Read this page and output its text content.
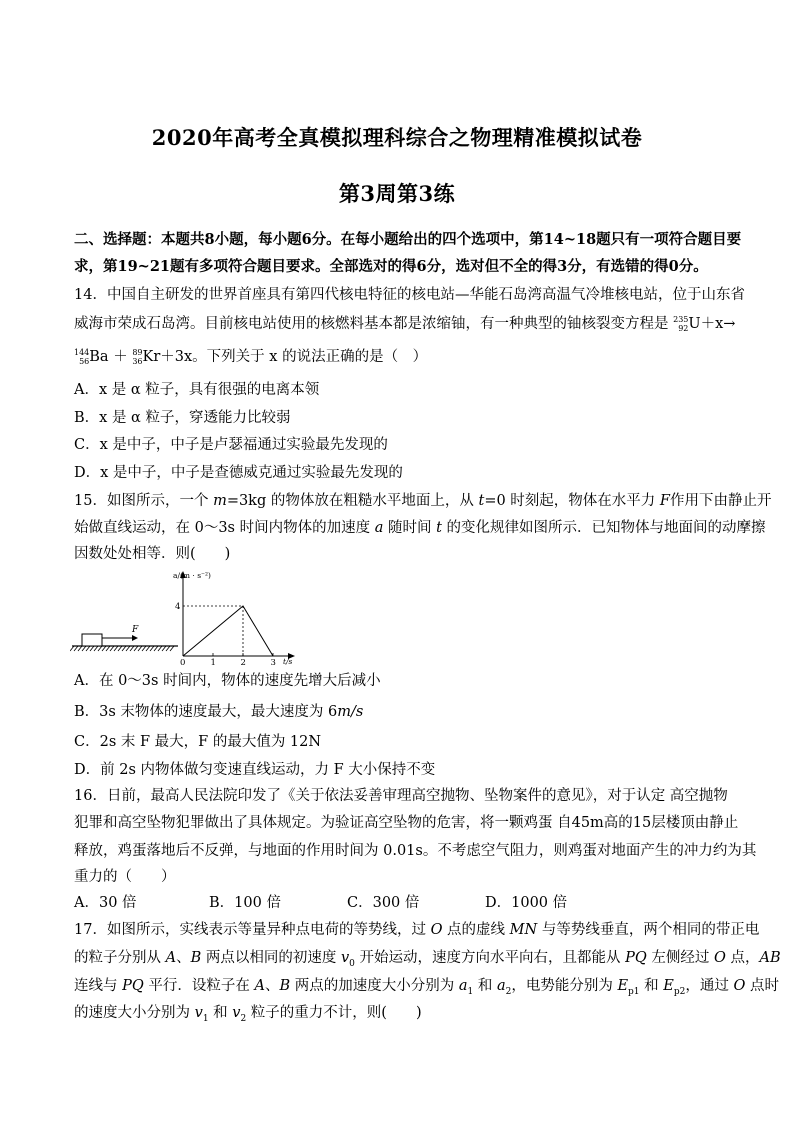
2020年高考全真模拟理科综合之物理精准模拟试卷
第3周第3练
二、选择题：本题共8小题，每小题6分。在每小题给出的四个选项中，第14~18题只有一项符合题目要
求，第19~21题有多项符合题目要求。全部选对的得6分，选对但不全的得3分，有选错的得0分。
14．中国自主研发的世界首座具有第四代核电特征的核电站—华能石岛湾高温气冷堆核电站，位于山东省
威海市荣成石岛湾。目前核电站使用的核燃料基本都是浓缩铀，有一种典型的铀核裂变方程是 235
92 U＋x→
144
56 Ba ＋ 89
36 Kr＋3x。下列关于 x 的说法正确的是（　）
A．x 是 α 粒子，具有很强的电离本领
B．x 是 α 粒子，穿透能力比较弱
C．x 是中子，中子是卢瑟福通过实验最先发现的
D．x 是中子，中子是查德威克通过实验最先发现的
15．如图所示，一个 m=3kg 的物体放在粗糙水平地面上，从 t=0 时刻起，物体在水平力 F作用下由静止开
始做直线运动，在 0～3s 时间内物体的加速度 a 随时间 t 的变化规律如图所示．已知物体与地面间的动摩擦
因数处处相等．则(　　)
F
a/(m · s⁻²)
t/s
0	1	2	3
4
A．在 0～3s 时间内，物体的速度先增大后减小
B．3s 末物体的速度最大，最大速度为 6m/s
C．2s 末 F 最大，F 的最大值为 12N
D．前 2s 内物体做匀变速直线运动，力 F 大小保持不变
16．日前，最高人民法院印发了《关于依法妥善审理高空抛物、坠物案件的意见》，对于认定 高空抛物
犯罪和高空坠物犯罪做出了具体规定。为验证高空坠物的危害，将一颗鸡蛋 自45m高的15层楼顶由静止
释放，鸡蛋落地后不反弹，与地面的作用时间为 0.01s。不考虑空气阻力，则鸡蛋对地面产生的冲力约为其
重力的（　　）
A．30 倍	B．100 倍	C．300 倍	D．1000 倍
17．如图所示，实线表示等量异种点电荷的等势线，过 O 点的虚线 MN 与等势线垂直，两个相同的带正电
的粒子分别从 A、B 两点以相同的初速度 $v_0$ 开始运动，速度方向水平向右，且都能从 PQ 左侧经过 O 点，AB
连线与 PQ 平行．设粒子在 A、B 两点的加速度大小分别为 $a_1$ 和 $a_2$，电势能分别为 $E_{p1}$ 和 $E_{p2}$，通过 O 点时
的速度大小分别为 $v_1$ 和 $v_2$ 粒子的重力不计，则(　　)
